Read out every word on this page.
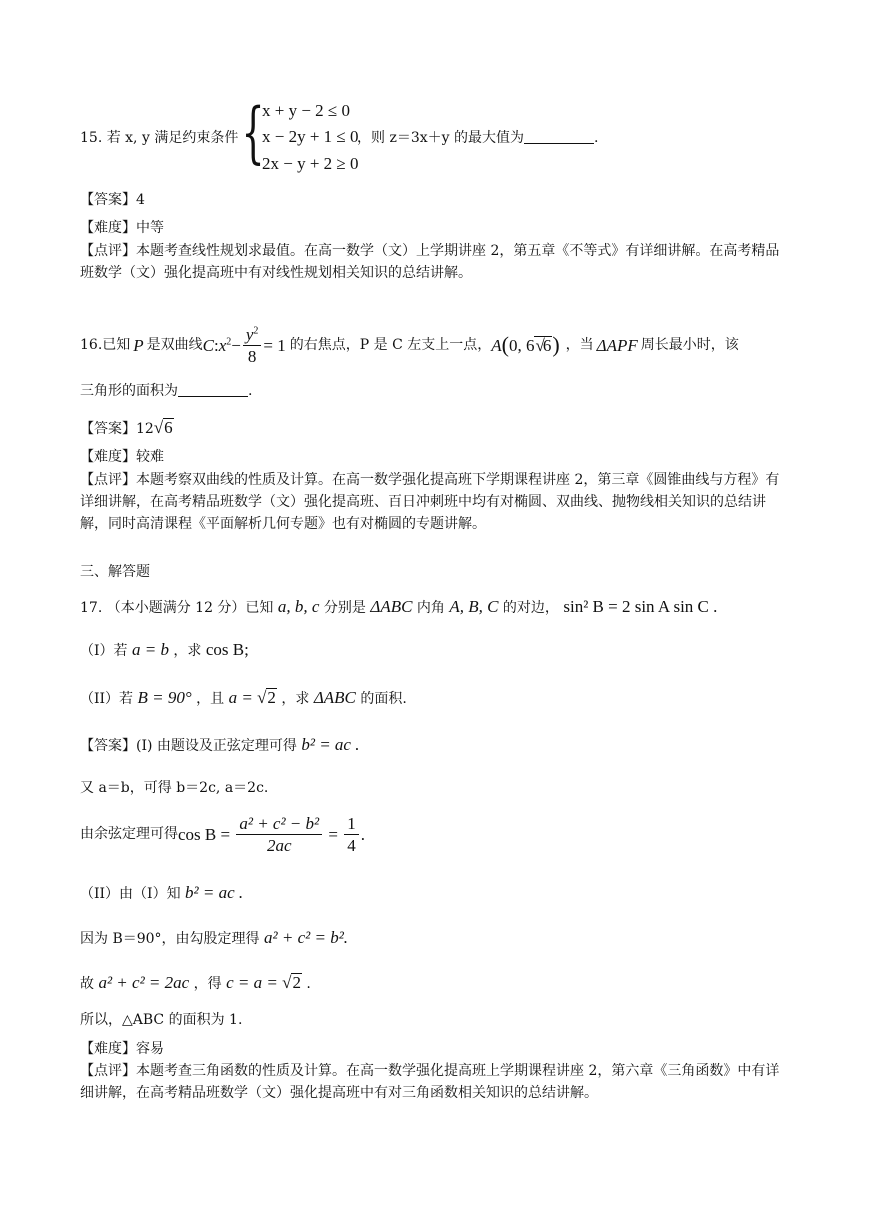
15. 若 x, y 满足约束条件 {
x + y − 2 ≤ 0
x − 2y + 1 ≤ 0
2x − y + 2 ≥ 0
，则 z＝3x＋y 的最大值为	.
【答案】4
【难度】中等
【点评】本题考查线性规划求最值。在高一数学（文）上学期讲座 2，第五章《不等式》有详细讲解。在高考精品班数学（文）强化提高班中有对线性规划相关知识的总结讲解。
16.已知 P 是双曲线 C : $x^2 - \frac{y^2}{8} = 1$ 的右焦点，P 是 C 左支上一点， A ( 0, 6 √
6 ) ，当 ΔAPF 周长最小时，该
三角形的面积为	.
【答案】12√6
【难度】较难
【点评】本题考察双曲线的性质及计算。在高一数学强化提高班下学期课程讲座 2，第三章《圆锥曲线与方程》有详细讲解，在高考精品班数学（文）强化提高班、百日冲刺班中均有对椭圆、双曲线、抛物线相关知识的总结讲解，同时高清课程《平面解析几何专题》也有对椭圆的专题讲解。
三、解答题
17. （本小题满分 12 分）已知 a, b, c 分别是 ΔABC 内角 A, B, C 的对边， sin² B = 2 sin A sin C .
（I）若 a = b ，求 cos B;
（II）若 B = 90° ，且 a = √2 ，求 ΔABC 的面积.
【答案】(I) 由题设及正弦定理可得 b² = ac .
又 a＝b，可得 b＝2c, a＝2c.
由余弦定理可得 $\cos B = \frac{\text{a² + c² − b²}}{2ac} = \frac{1}{4}$ .
（II）由（I）知 b² = ac .
因为 B＝90°，由勾股定理得 a² + c² = b².
故 a² + c² = 2ac ，得 c = a = √2 .
所以，△ABC 的面积为 1.
【难度】容易
【点评】本题考查三角函数的性质及计算。在高一数学强化提高班上学期课程讲座 2，第六章《三角函数》中有详细讲解，在高考精品班数学（文）强化提高班中有对三角函数相关知识的总结讲解。
